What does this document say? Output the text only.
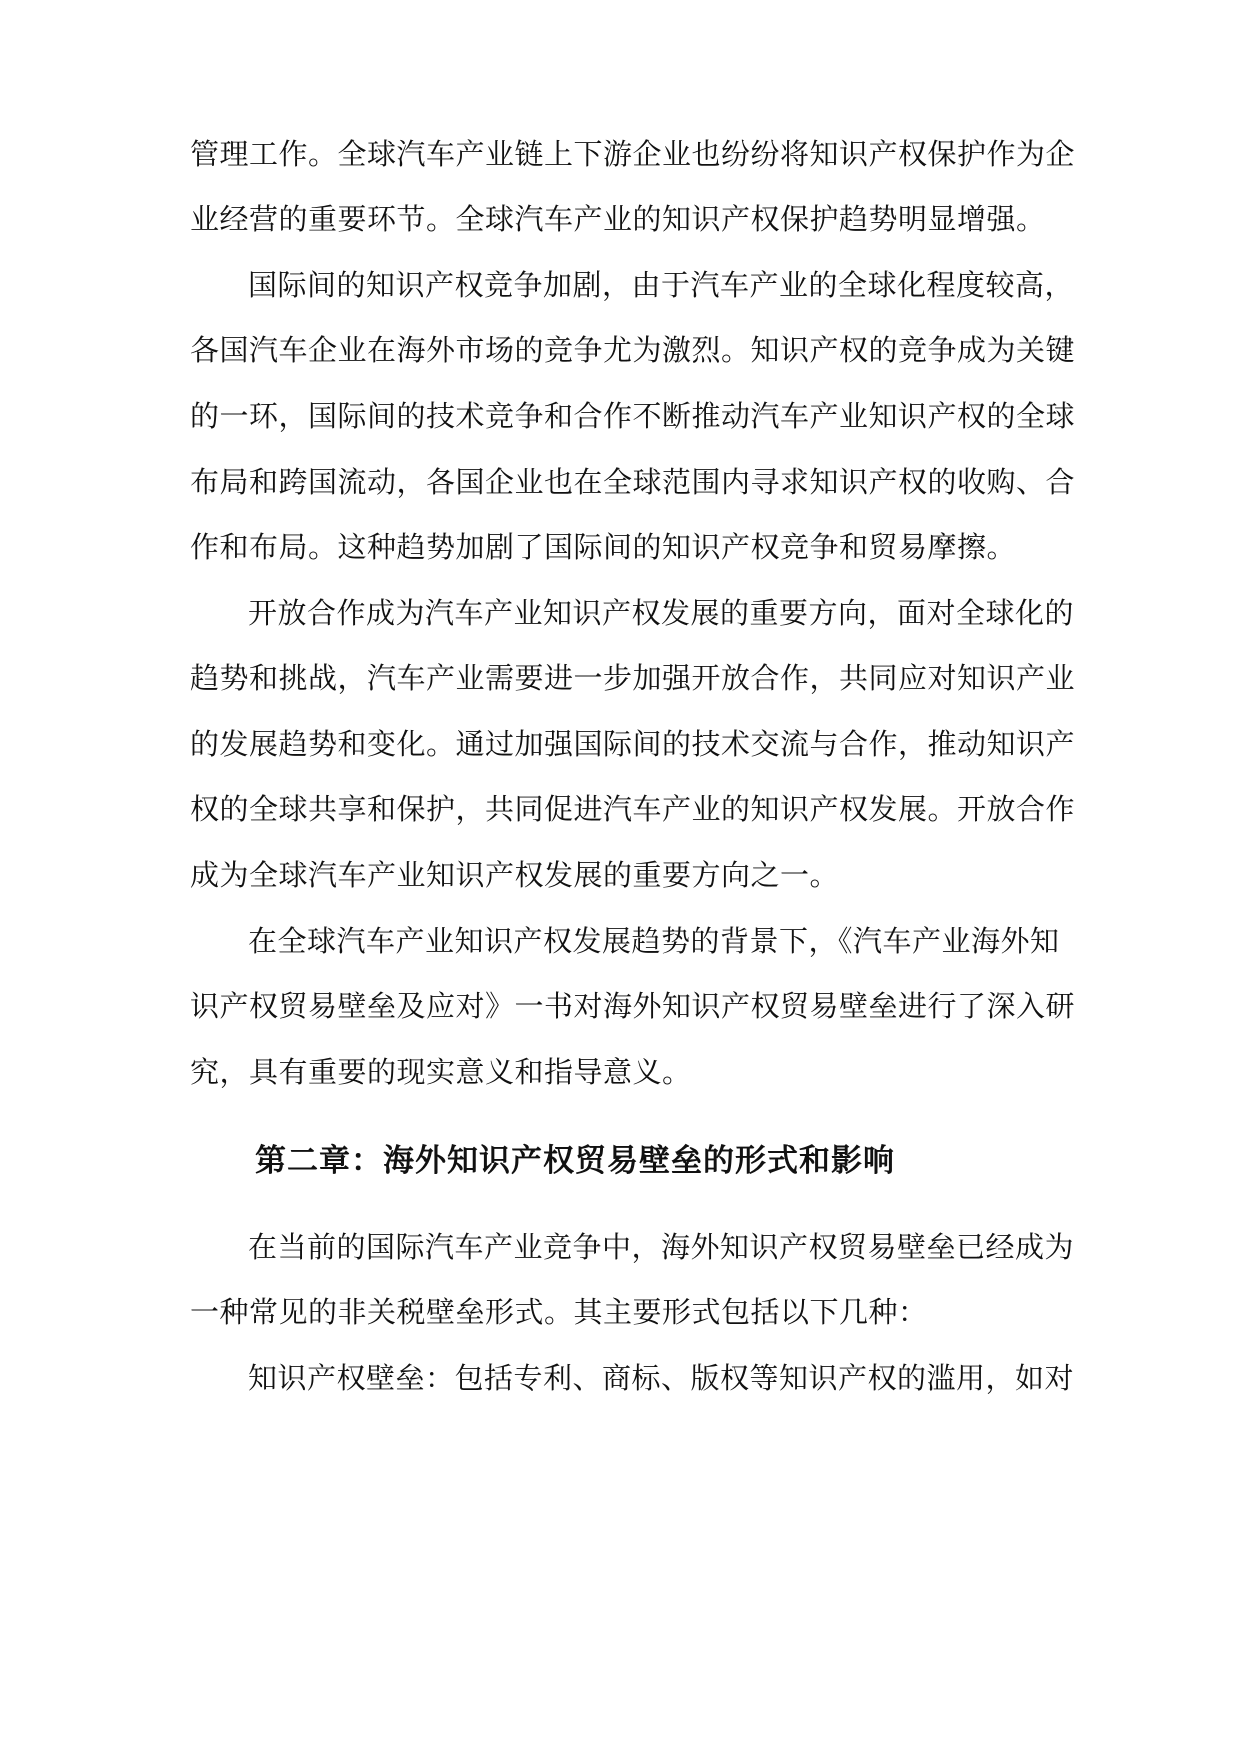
管理工作。全球汽车产业链上下游企业也纷纷将知识产权保护作为企
业经营的重要环节。全球汽车产业的知识产权保护趋势明显增强。
国际间的知识产权竞争加剧，由于汽车产业的全球化程度较高，
各国汽车企业在海外市场的竞争尤为激烈。知识产权的竞争成为关键
的一环，国际间的技术竞争和合作不断推动汽车产业知识产权的全球
布局和跨国流动，各国企业也在全球范围内寻求知识产权的收购、合
作和布局。这种趋势加剧了国际间的知识产权竞争和贸易摩擦。
开放合作成为汽车产业知识产权发展的重要方向，面对全球化的
趋势和挑战，汽车产业需要进一步加强开放合作，共同应对知识产业
的发展趋势和变化。通过加强国际间的技术交流与合作，推动知识产
权的全球共享和保护，共同促进汽车产业的知识产权发展。开放合作
成为全球汽车产业知识产权发展的重要方向之一。
在全球汽车产业知识产权发展趋势的背景下，《汽车产业海外知
识产权贸易壁垒及应对》一书对海外知识产权贸易壁垒进行了深入研
究，具有重要的现实意义和指导意义。
第二章：海外知识产权贸易壁垒的形式和影响
在当前的国际汽车产业竞争中，海外知识产权贸易壁垒已经成为
一种常见的非关税壁垒形式。其主要形式包括以下几种：
知识产权壁垒：包括专利、商标、版权等知识产权的滥用，如对
